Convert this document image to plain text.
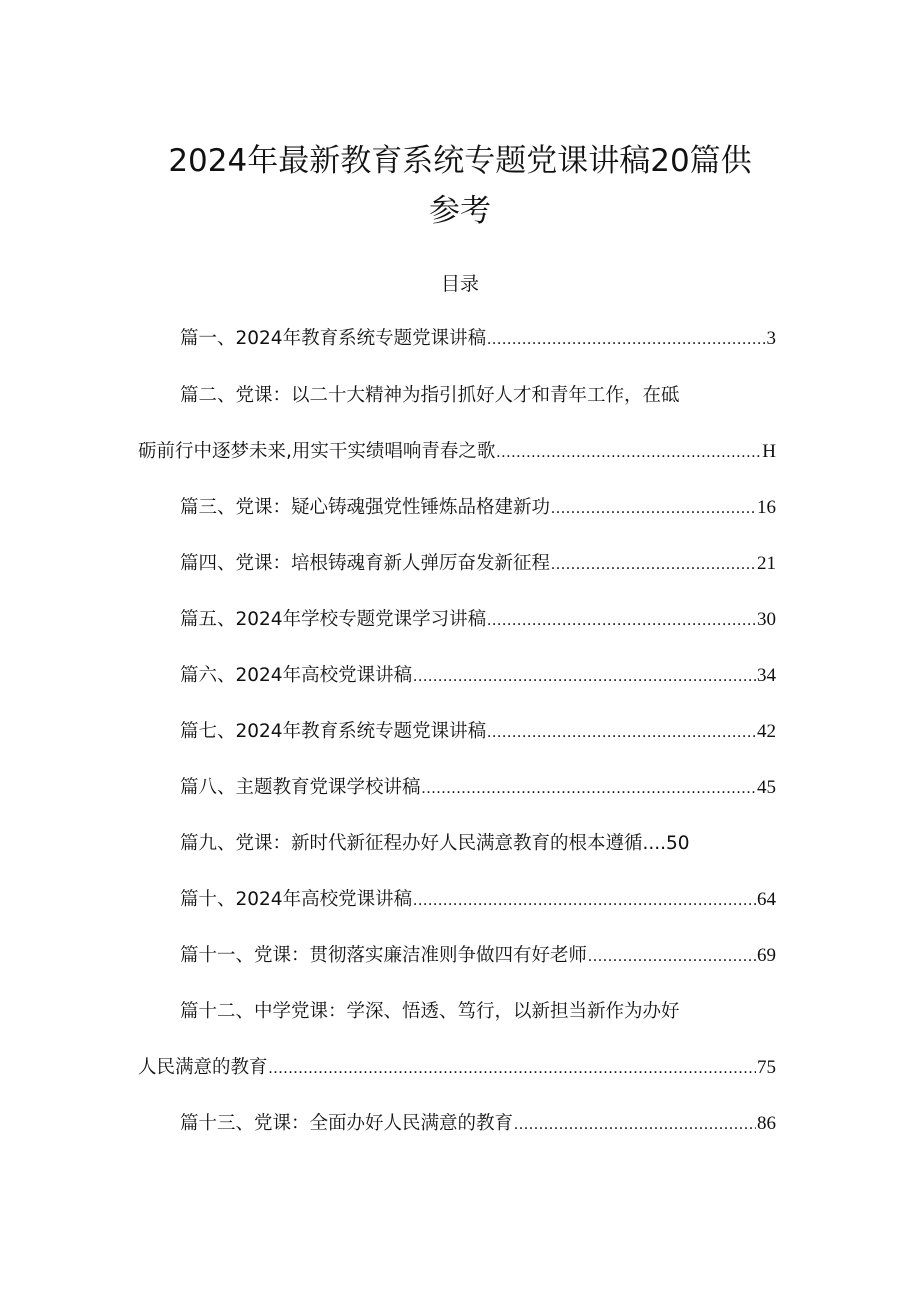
2024年最新教育系统专题党课讲稿20篇供
参考
目录
篇一、2024年教育系统专题党课讲稿 .....	3
篇二、党课：以二十大精神为指引抓好人才和青年工作，在砥
砺前行中逐梦未来,用实干实绩唱响青春之歌 .....	H
篇三、党课：疑心铸魂强党性锤炼品格建新功 .....	16
篇四、党课：培根铸魂育新人弹厉奋发新征程 .....	21
篇五、2024年学校专题党课学习讲稿 .....	30
篇六、2024年高校党课讲稿 .....	34
篇七、2024年教育系统专题党课讲稿 .....	42
篇八、主题教育党课学校讲稿 .....	45
篇九、党课：新时代新征程办好人民满意教育的根本遵循....50
篇十、2024年高校党课讲稿 .....	64
篇十一、党课：贯彻落实廉洁准则争做四有好老师 .....	69
篇十二、中学党课：学深、悟透、笃行，以新担当新作为办好
人民满意的教育 .....	75
篇十三、党课：全面办好人民满意的教育 .....	86
